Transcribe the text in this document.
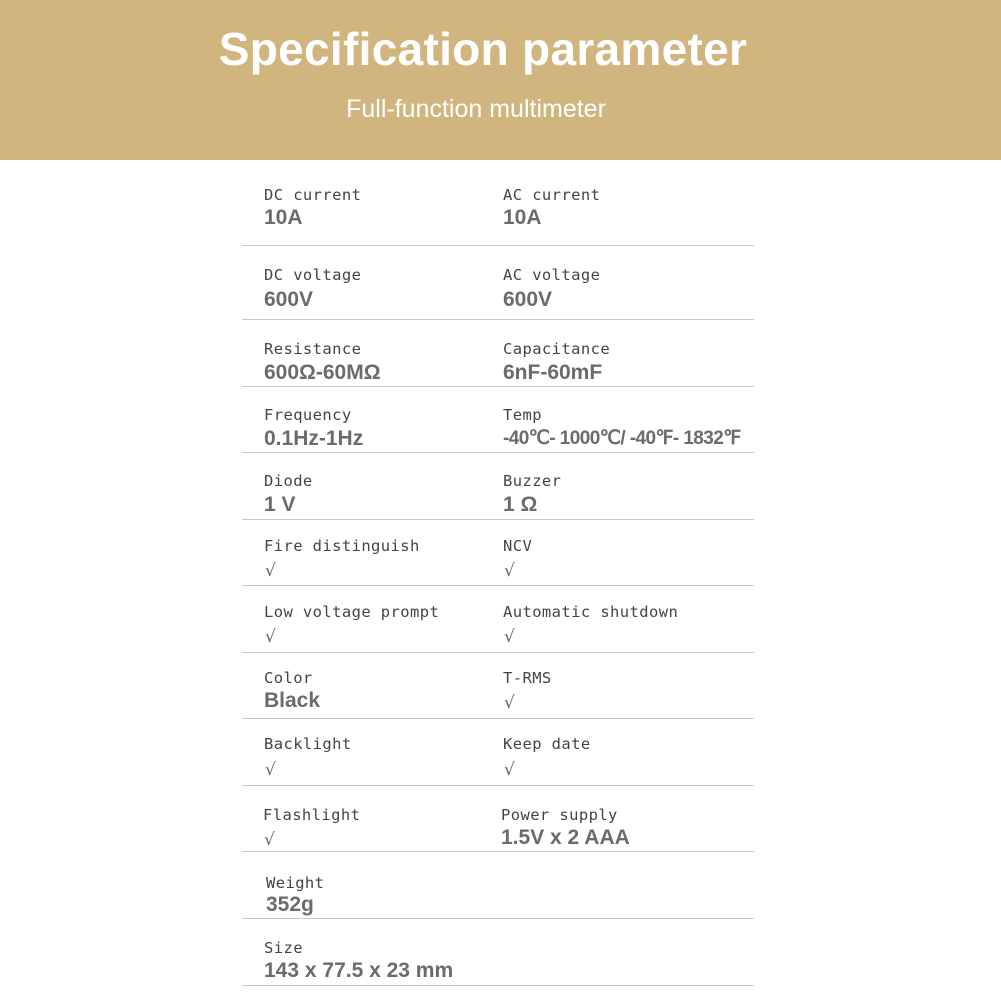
Specification parameter
Full-function multimeter
DC current
10A
AC current
10A
DC voltage
600V
AC voltage
600V
Resistance
600Ω-60MΩ
Capacitance
6nF-60mF
Frequency
0.1Hz-1Hz
Temp
-40℃- 1000℃/ -40℉- 1832℉
Diode
1 V
Buzzer
1 Ω
Fire distinguish
√
NCV
√
Low voltage prompt
√
Automatic shutdown
√
Color
Black
T-RMS
√
Backlight
√
Keep date
√
Flashlight
√
Power supply
1.5V x 2 AAA
Weight
352g
Size
143 x 77.5 x 23 mm
